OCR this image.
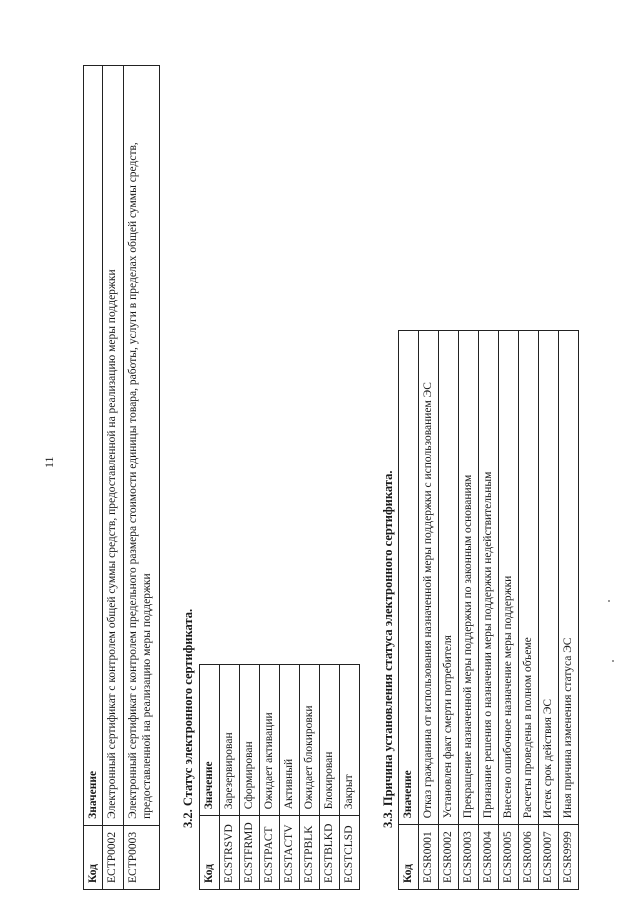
11
Код	Значение
ECTP0002	Электронный сертификат с контролем общей суммы средств, предоставленной на реализацию меры поддержки
ECTP0003	Электронный сертификат с контролем предельного размера стоимости единицы товара, работы, услуги в пределах общей суммы средств, предоставленной на реализацию меры поддержки 3.2. Статус электронного сертификата.
Код	Значение
ECSTRSVD	Зарезервирован
ECSTFRMD	Сформирован
ECSTPACT	Ожидает активации
ECSTACTV	Активный
ECSTPBLK	Ожидает блокировки
ECSTBLKD	Блокирован
ECSTCLSD	Закрыт 3.3. Причина установления статуса электронного сертификата.
Код	Значение
ECSR0001	Отказ гражданина от использования назначенной меры поддержки с использованием ЭС
ECSR0002	Установлен факт смерти потребителя
ECSR0003	Прекращение назначенной меры поддержки по законным основаниям
ECSR0004	Признание решения о назначении меры поддержки недействительным
ECSR0005	Внесено ошибочное назначение меры поддержки
ECSR0006	Расчеты проведены в полном объеме
ECSR0007	Истек срок действия ЭС
ECSR9999	Иная причина изменения статуса ЭС
